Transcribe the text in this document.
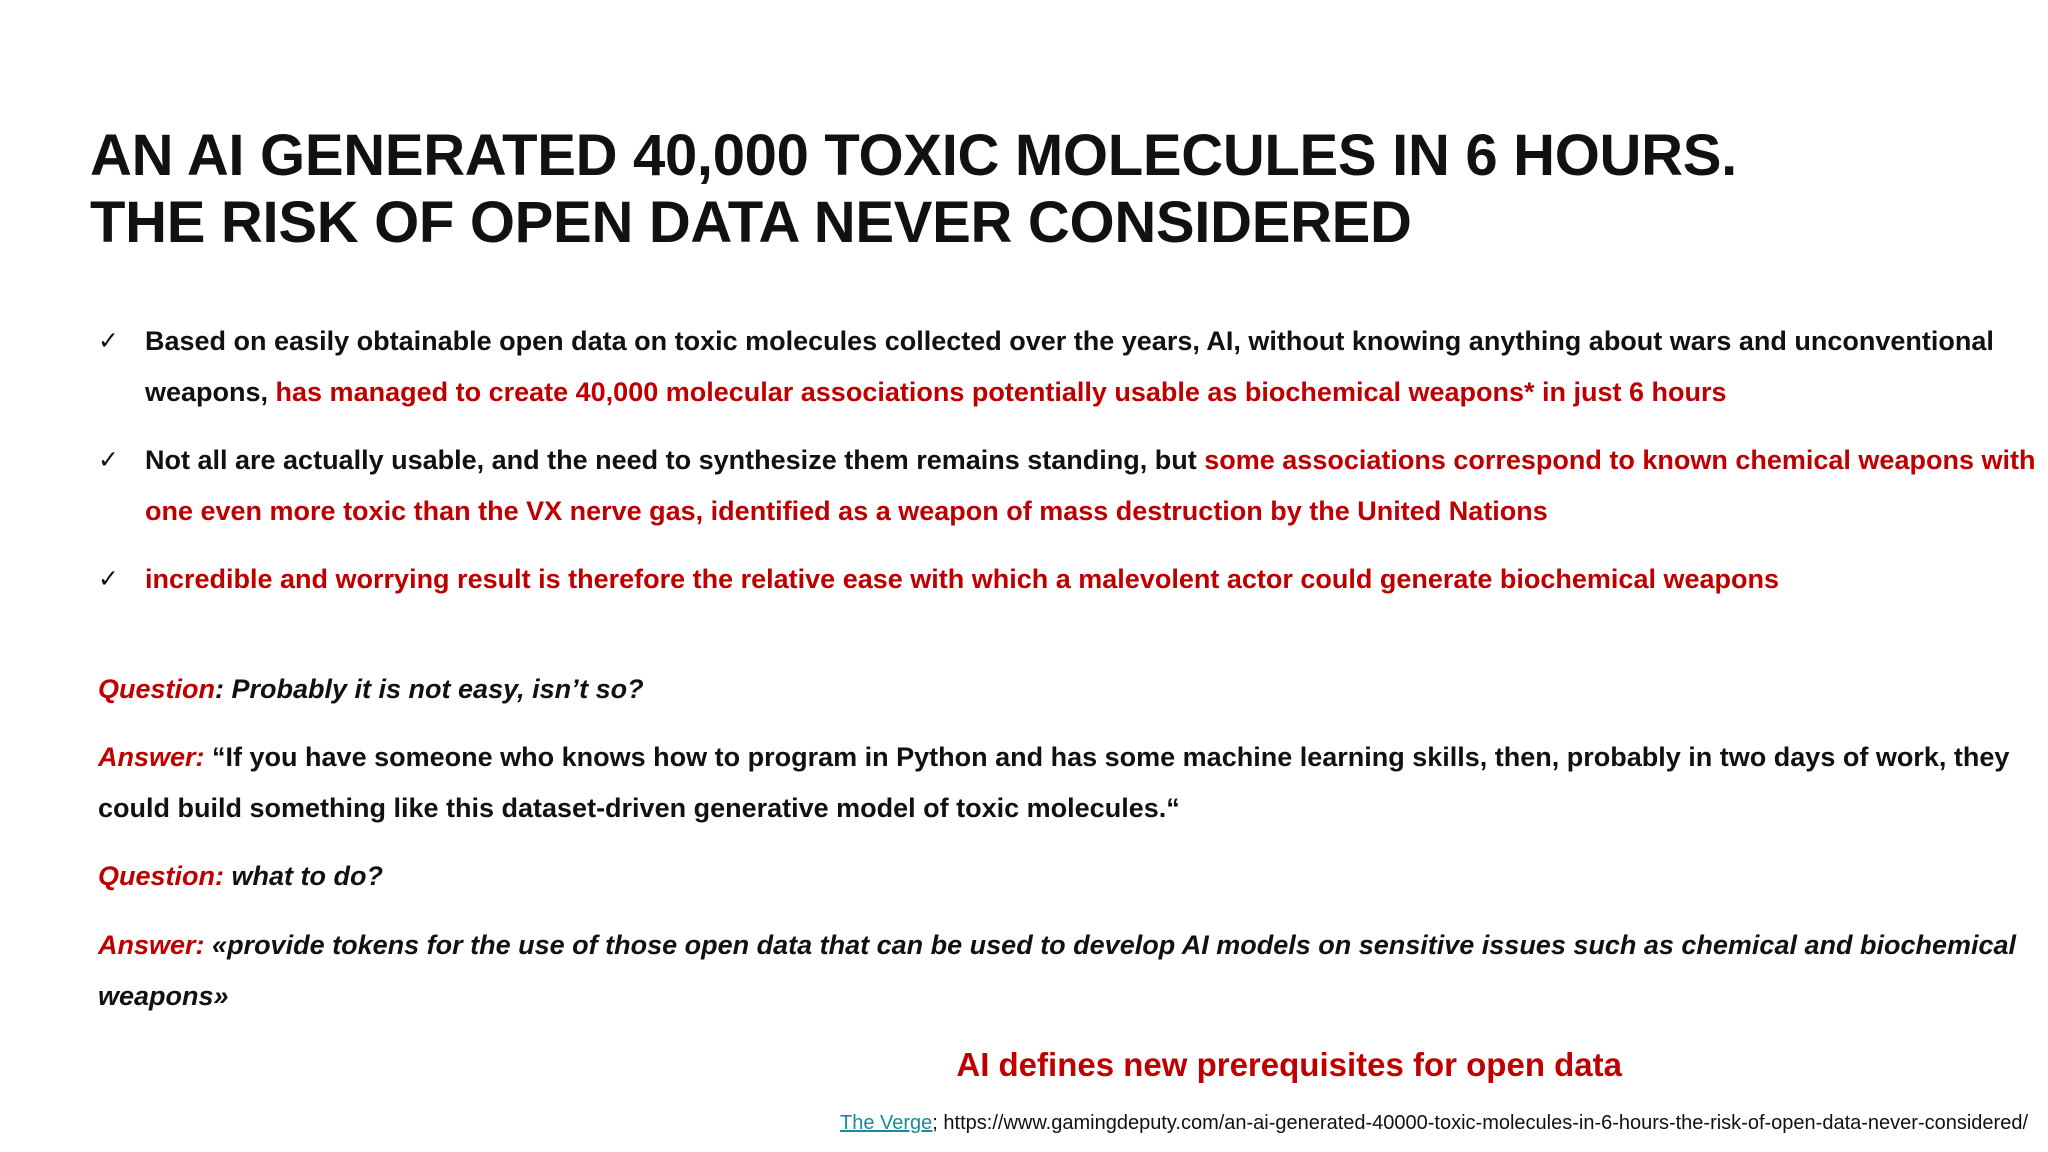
AN AI GENERATED 40,000 TOXIC MOLECULES IN 6 HOURS.
THE RISK OF OPEN DATA NEVER CONSIDERED
✓ Based on easily obtainable open data on toxic molecules collected over the years, AI, without knowing anything about wars and unconventional weapons, has managed to create 40,000 molecular associations potentially usable as biochemical weapons* in just 6 hours
✓ Not all are actually usable, and the need to synthesize them remains standing, but some associations correspond to known chemical weapons with one even more toxic than the VX nerve gas, identified as a weapon of mass destruction by the United Nations
✓ incredible and worrying result is therefore the relative ease with which a malevolent actor could generate biochemical weapons

Question: Probably it is not easy, isn’t so?

Answer: “If you have someone who knows how to program in Python and has some machine learning skills, then, probably in two days of work, they could build something like this dataset-driven generative model of toxic molecules.“

Question: what to do?

Answer: «provide tokens for the use of those open data that can be used to develop AI models on sensitive issues such as chemical and biochemical weapons»

AI defines new prerequisites for open data

The Verge; https://www.gamingdeputy.com/an-ai-generated-40000-toxic-molecules-in-6-hours-the-risk-of-open-data-never-considered/
